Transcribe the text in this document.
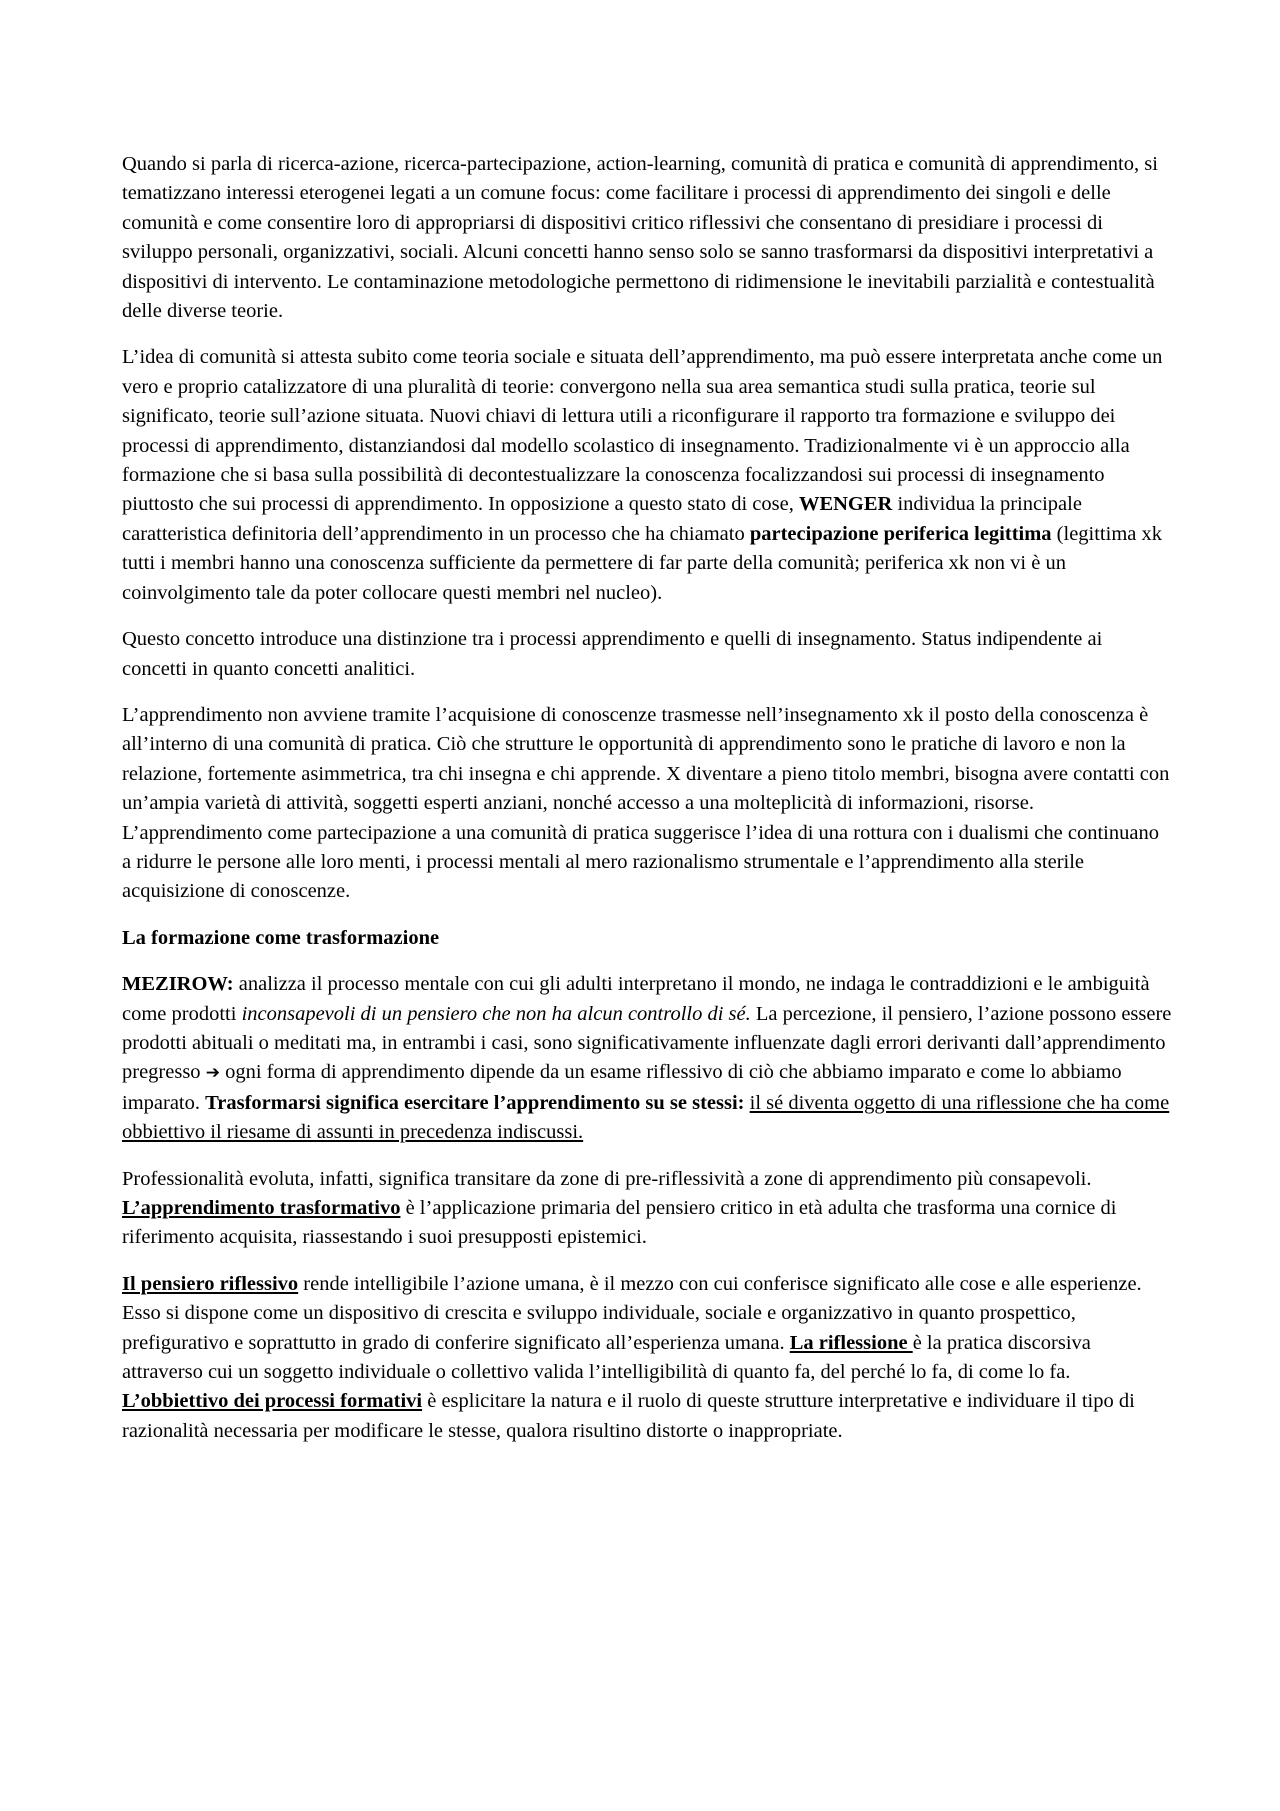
Quando si parla di ricerca-azione, ricerca-partecipazione, action-learning, comunità di pratica e comunità di apprendimento, si tematizzano interessi eterogenei legati a un comune focus: come facilitare i processi di apprendimento dei singoli e delle comunità e come consentire loro di appropriarsi di dispositivi critico riflessivi che consentano di presidiare i processi di sviluppo personali, organizzativi, sociali. Alcuni concetti hanno senso solo se sanno trasformarsi da dispositivi interpretativi a dispositivi di intervento. Le contaminazione metodologiche permettono di ridimensione le inevitabili parzialità e contestualità delle diverse teorie.

L’idea di comunità si attesta subito come teoria sociale e situata dell’apprendimento, ma può essere interpretata anche come un vero e proprio catalizzatore di una pluralità di teorie: convergono nella sua area semantica studi sulla pratica, teorie sul significato, teorie sull’azione situata. Nuovi chiavi di lettura utili a riconfigurare il rapporto tra formazione e sviluppo dei processi di apprendimento, distanziandosi dal modello scolastico di insegnamento. Tradizionalmente vi è un approccio alla formazione che si basa sulla possibilità di decontestualizzare la conoscenza focalizzandosi sui processi di insegnamento piuttosto che sui processi di apprendimento. In opposizione a questo stato di cose, WENGER individua la principale caratteristica definitoria dell’apprendimento in un processo che ha chiamato partecipazione periferica legittima (legittima xk tutti i membri hanno una conoscenza sufficiente da permettere di far parte della comunità; periferica xk non vi è un coinvolgimento tale da poter collocare questi membri nel nucleo).

Questo concetto introduce una distinzione tra i processi apprendimento e quelli di insegnamento. Status indipendente ai concetti in quanto concetti analitici.

L’apprendimento non avviene tramite l’acquisione di conoscenze trasmesse nell’insegnamento xk il posto della conoscenza è all’interno di una comunità di pratica. Ciò che strutture le opportunità di apprendimento sono le pratiche di lavoro e non la relazione, fortemente asimmetrica, tra chi insegna e chi apprende. X diventare a pieno titolo membri, bisogna avere contatti con un’ampia varietà di attività, soggetti esperti anziani, nonché accesso a una molteplicità di informazioni, risorse. L’apprendimento come partecipazione a una comunità di pratica suggerisce l’idea di una rottura con i dualismi che continuano a ridurre le persone alle loro menti, i processi mentali al mero razionalismo strumentale e l’apprendimento alla sterile acquisizione di conoscenze.

La formazione come trasformazione

MEZIROW: analizza il processo mentale con cui gli adulti interpretano il mondo, ne indaga le contraddizioni e le ambiguità come prodotti inconsapevoli di un pensiero che non ha alcun controllo di sé. La percezione, il pensiero, l’azione possono essere prodotti abituali o meditati ma, in entrambi i casi, sono significativamente influenzate dagli errori derivanti dall’apprendimento pregresso ➔ ogni forma di apprendimento dipende da un esame riflessivo di ciò che abbiamo imparato e come lo abbiamo imparato. Trasformarsi significa esercitare l’apprendimento su se stessi: il sé diventa oggetto di una riflessione che ha come obbiettivo il riesame di assunti in precedenza indiscussi.

Professionalità evoluta, infatti, significa transitare da zone di pre-riflessività a zone di apprendimento più consapevoli. L’apprendimento trasformativo è l’applicazione primaria del pensiero critico in età adulta che trasforma una cornice di riferimento acquisita, riassestando i suoi presupposti epistemici.

Il pensiero riflessivo rende intelligibile l’azione umana, è il mezzo con cui conferisce significato alle cose e alle esperienze. Esso si dispone come un dispositivo di crescita e sviluppo individuale, sociale e organizzativo in quanto prospettico, prefigurativo e soprattutto in grado di conferire significato all’esperienza umana. La riflessione è la pratica discorsiva attraverso cui un soggetto individuale o collettivo valida l’intelligibilità di quanto fa, del perché lo fa, di come lo fa. L’obbiettivo dei processi formativi è esplicitare la natura e il ruolo di queste strutture interpretative e individuare il tipo di razionalità necessaria per modificare le stesse, qualora risultino distorte o inappropriate.
